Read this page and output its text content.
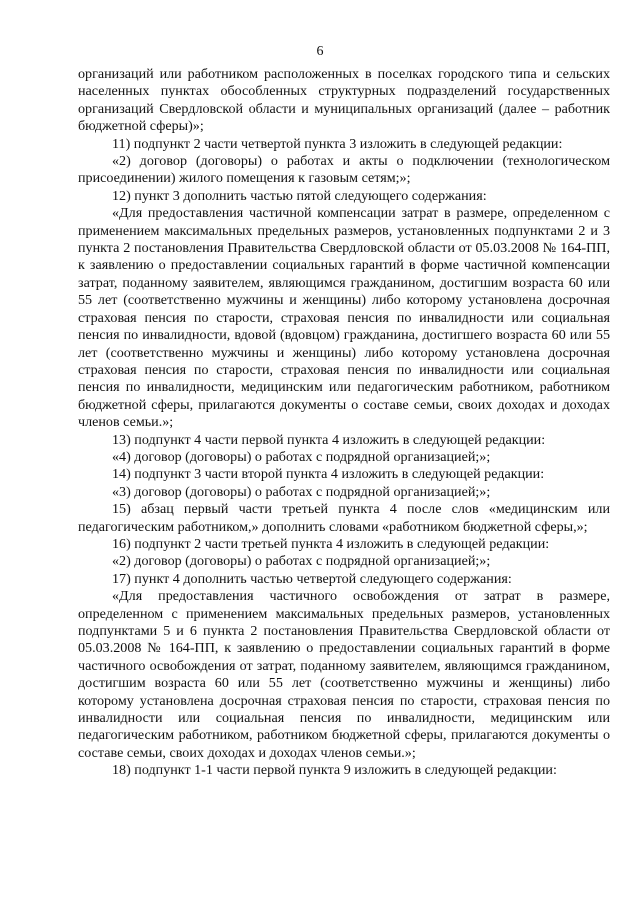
6

организаций или работником расположенных в поселках городского типа и сельских населенных пунктах обособленных структурных подразделений государственных организаций Свердловской области и муниципальных организаций (далее – работник бюджетной сферы)»;

11) подпункт 2 части четвертой пункта 3 изложить в следующей редакции:

«2) договор (договоры) о работах и акты о подключении (технологическом присоединении) жилого помещения к газовым сетям;»;

12) пункт 3 дополнить частью пятой следующего содержания:

«Для предоставления частичной компенсации затрат в размере, определенном с применением максимальных предельных размеров, установленных подпунктами 2 и 3 пункта 2 постановления Правительства Свердловской области от 05.03.2008 № 164-ПП, к заявлению о предоставлении социальных гарантий в форме частичной компенсации затрат, поданному заявителем, являющимся гражданином, достигшим возраста 60 или 55 лет (соответственно мужчины и женщины) либо которому установлена досрочная страховая пенсия по старости, страховая пенсия по инвалидности или социальная пенсия по инвалидности, вдовой (вдовцом) гражданина, достигшего возраста 60 или 55 лет (соответственно мужчины и женщины) либо которому установлена досрочная страховая пенсия по старости, страховая пенсия по инвалидности или социальная пенсия по инвалидности, медицинским или педагогическим работником, работником бюджетной сферы, прилагаются документы о составе семьи, своих доходах и доходах членов семьи.»;

13) подпункт 4 части первой пункта 4 изложить в следующей редакции:

«4) договор (договоры) о работах с подрядной организацией;»;

14) подпункт 3 части второй пункта 4 изложить в следующей редакции:

«3) договор (договоры) о работах с подрядной организацией;»;

15) абзац первый части третьей пункта 4 после слов «медицинским или педагогическим работником,» дополнить словами «работником бюджетной сферы,»;

16) подпункт 2 части третьей пункта 4 изложить в следующей редакции:

«2) договор (договоры) о работах с подрядной организацией;»;

17) пункт 4 дополнить частью четвертой следующего содержания:

«Для предоставления частичного освобождения от затрат в размере, определенном с применением максимальных предельных размеров, установленных подпунктами 5 и 6 пункта 2 постановления Правительства Свердловской области от 05.03.2008 № 164-ПП, к заявлению о предоставлении социальных гарантий в форме частичного освобождения от затрат, поданному заявителем, являющимся гражданином, достигшим возраста 60 или 55 лет (соответственно мужчины и женщины) либо которому установлена досрочная страховая пенсия по старости, страховая пенсия по инвалидности или социальная пенсия по инвалидности, медицинским или педагогическим работником, работником бюджетной сферы, прилагаются документы о составе семьи, своих доходах и доходах членов семьи.»;

18) подпункт 1-1 части первой пункта 9 изложить в следующей редакции:
